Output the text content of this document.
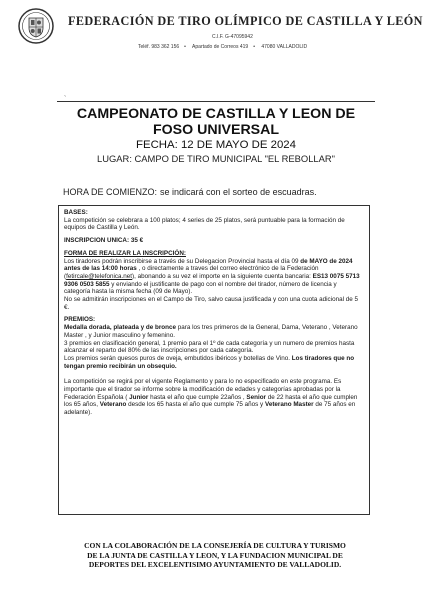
FEDERACIÓN DE TIRO OLÍMPICO DE CASTILLA Y LEÓN
C.I.F. G-47095942
Teléf. 983 362 156 • Apartado de Correos 419 • 47080 VALLADOLID
`
CAMPEONATO DE CASTILLA Y LEON DE
FOSO UNIVERSAL
FECHA: 12 DE MAYO DE 2024
LUGAR: CAMPO DE TIRO MUNICIPAL "EL REBOLLAR"
HORA DE COMIENZO: se indicará con el sorteo de escuadras.
BASES:

La competición se celebrara a 100 platos; 4 series de 25 platos, será puntuable para la formación de equipos de Castilla y León.

INSCRIPCION UNICA: 35 €

FORMA DE REALIZAR LA INSCRIPCIÓN:

Los tiradores podrán inscribirse a través de su Delegacion Provincial hasta el día 09 de MAYO de 2024 antes de las 14:00 horas , o directamente a traves del correo electrónico de la Federación (fetircale@telefonica.net), abonando a su vez el importe en la siguiente cuenta bancaria: ES13 0075 5713 9306 0503 5855 y enviando el justificante de pago con el nombre del tirador, número de licencia y categoría hasta la misma fecha (09 de Mayo).

No se admitirán inscripciones en el Campo de Tiro, salvo causa justificada y con una cuota adicional de 5 €.

PREMIOS:

Medalla dorada, plateada y de bronce para los tres primeros de la General, Dama, Veterano , Veterano Master , y Junior masculino y femenino.

3 premios en clasificación general, 1 premio para el 1º de cada categoría y un numero de premios hasta alcanzar el reparto del 80% de las inscripciones por cada categoría.

Los premios serán quesos puros de oveja, embutidos ibéricos y botellas de Vino. Los tiradores que no tengan premio recibirán un obsequio.

La competición se regirá por el vigente Reglamento y para lo no especificado en este programa. Es importante que el tirador se informe sobre la modificación de edades y categorías aprobadas por la Federación Española ( Junior hasta el año que cumple 22años , Senior de 22 hasta el año que cumplen los 65 años, Veterano desde los 65 hasta el año que cumple 75 años y Veterano Master de 75 años en adelante).

CON LA COLABORACIÓN DE LA CONSEJERÍA DE CULTURA Y TURISMO
DE LA JUNTA DE CASTILLA Y LEON, Y LA FUNDACION MUNICIPAL DE
DEPORTES DEL EXCELENTISIMO AYUNTAMIENTO DE VALLADOLID.
